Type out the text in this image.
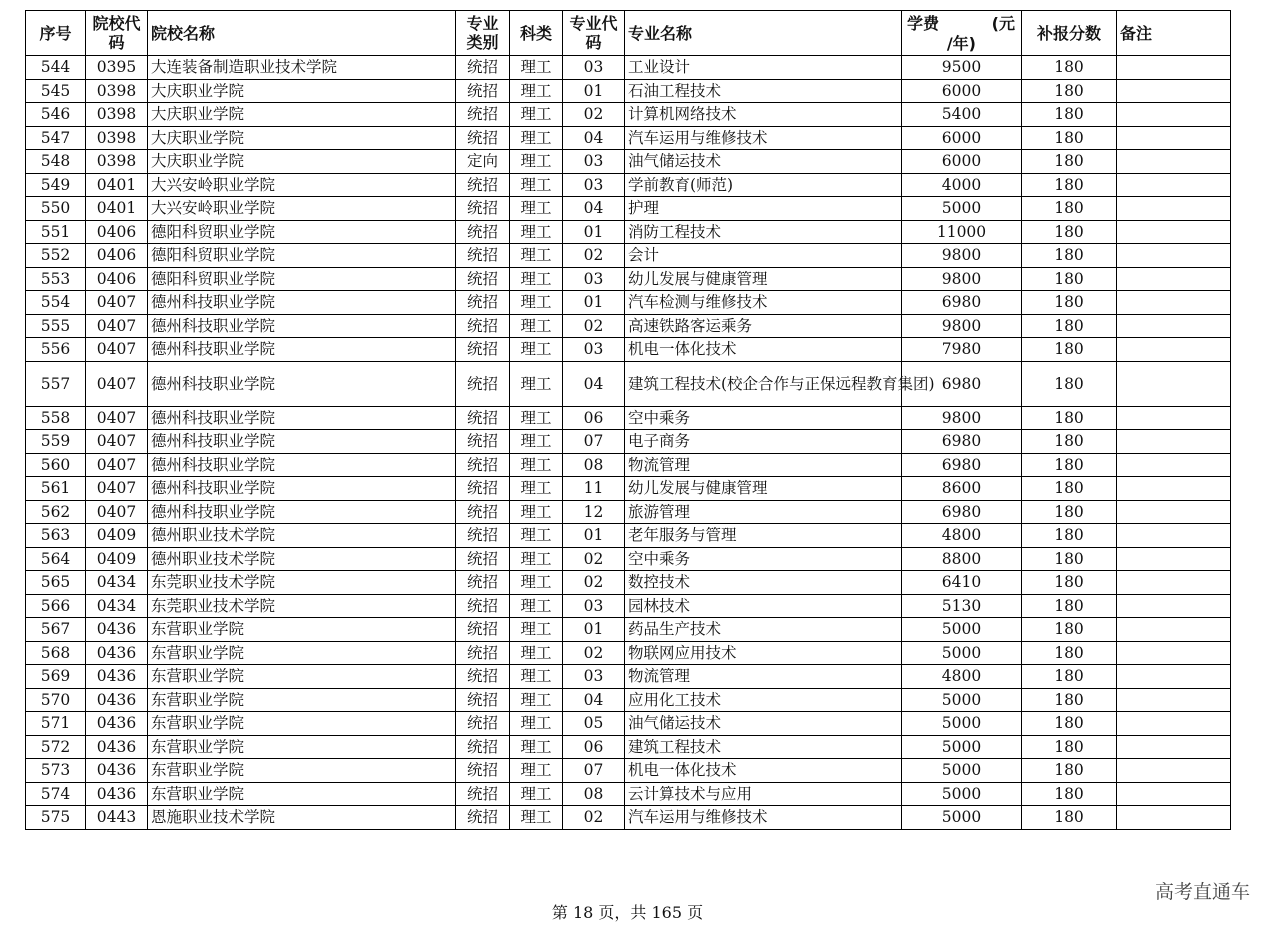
序号	院校代码	院校名称	专业类别	科类	专业代码	专业名称	学费 (元
/年)	补报分数	备注
544	0395	大连装备制造职业技术学院	统招	理工	03	工业设计	9500	180	
545	0398	大庆职业学院	统招	理工	01	石油工程技术	6000	180	
546	0398	大庆职业学院	统招	理工	02	计算机网络技术	5400	180	
547	0398	大庆职业学院	统招	理工	04	汽车运用与维修技术	6000	180	
548	0398	大庆职业学院	定向	理工	03	油气储运技术	6000	180	
549	0401	大兴安岭职业学院	统招	理工	03	学前教育(师范)	4000	180	
550	0401	大兴安岭职业学院	统招	理工	04	护理	5000	180	
551	0406	德阳科贸职业学院	统招	理工	01	消防工程技术	11000	180	
552	0406	德阳科贸职业学院	统招	理工	02	会计	9800	180	
553	0406	德阳科贸职业学院	统招	理工	03	幼儿发展与健康管理	9800	180	
554	0407	德州科技职业学院	统招	理工	01	汽车检测与维修技术	6980	180	
555	0407	德州科技职业学院	统招	理工	02	高速铁路客运乘务	9800	180	
556	0407	德州科技职业学院	统招	理工	03	机电一体化技术	7980	180	
557	0407	德州科技职业学院	统招	理工	04	建筑工程技术(校企合作与正保远程教育集团)	6980	180	
558	0407	德州科技职业学院	统招	理工	06	空中乘务	9800	180	
559	0407	德州科技职业学院	统招	理工	07	电子商务	6980	180	
560	0407	德州科技职业学院	统招	理工	08	物流管理	6980	180	
561	0407	德州科技职业学院	统招	理工	11	幼儿发展与健康管理	8600	180	
562	0407	德州科技职业学院	统招	理工	12	旅游管理	6980	180	
563	0409	德州职业技术学院	统招	理工	01	老年服务与管理	4800	180	
564	0409	德州职业技术学院	统招	理工	02	空中乘务	8800	180	
565	0434	东莞职业技术学院	统招	理工	02	数控技术	6410	180	
566	0434	东莞职业技术学院	统招	理工	03	园林技术	5130	180	
567	0436	东营职业学院	统招	理工	01	药品生产技术	5000	180	
568	0436	东营职业学院	统招	理工	02	物联网应用技术	5000	180	
569	0436	东营职业学院	统招	理工	03	物流管理	4800	180	
570	0436	东营职业学院	统招	理工	04	应用化工技术	5000	180	
571	0436	东营职业学院	统招	理工	05	油气储运技术	5000	180	
572	0436	东营职业学院	统招	理工	06	建筑工程技术	5000	180	
573	0436	东营职业学院	统招	理工	07	机电一体化技术	5000	180	
574	0436	东营职业学院	统招	理工	08	云计算技术与应用	5000	180	
575	0443	恩施职业技术学院	统招	理工	02	汽车运用与维修技术	5000	180	
第 18 页，共 165 页
高考直通车
